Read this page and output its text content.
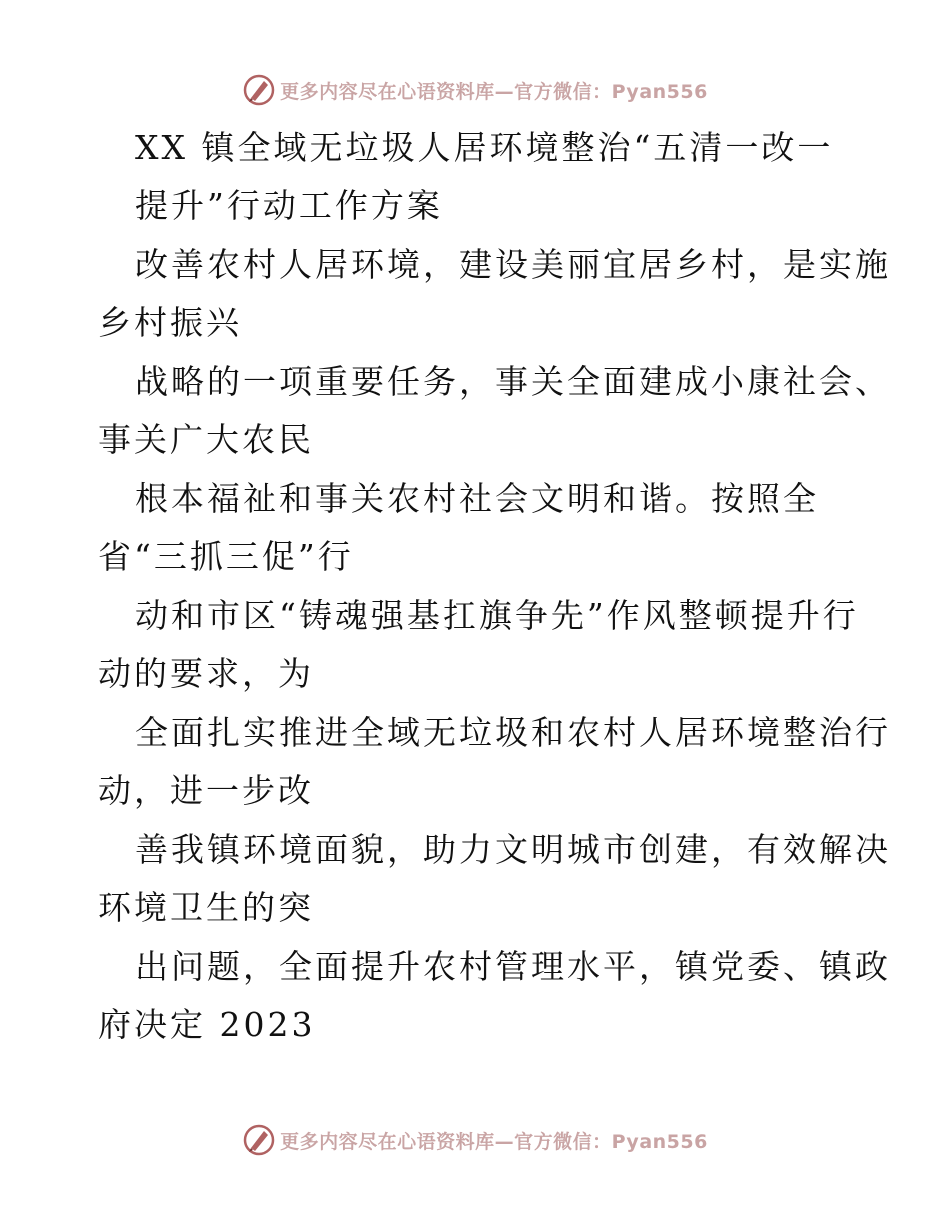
更多内容尽在心语资料库—官方微信：Pyan556
XX 镇全域无垃圾人居环境整治“五清一改一
提升”行动工作方案
改善农村人居环境，建设美丽宜居乡村，是实施
乡村振兴
战略的一项重要任务，事关全面建成小康社会、
事关广大农民
根本福祉和事关农村社会文明和谐。按照全
省“三抓三促”行
动和市区“铸魂强基扛旗争先”作风整顿提升行
动的要求，为
全面扎实推进全域无垃圾和农村人居环境整治行
动，进一步改
善我镇环境面貌，助力文明城市创建，有效解决
环境卫生的突
出问题，全面提升农村管理水平，镇党委、镇政
府决定 2023
更多内容尽在心语资料库—官方微信：Pyan556
